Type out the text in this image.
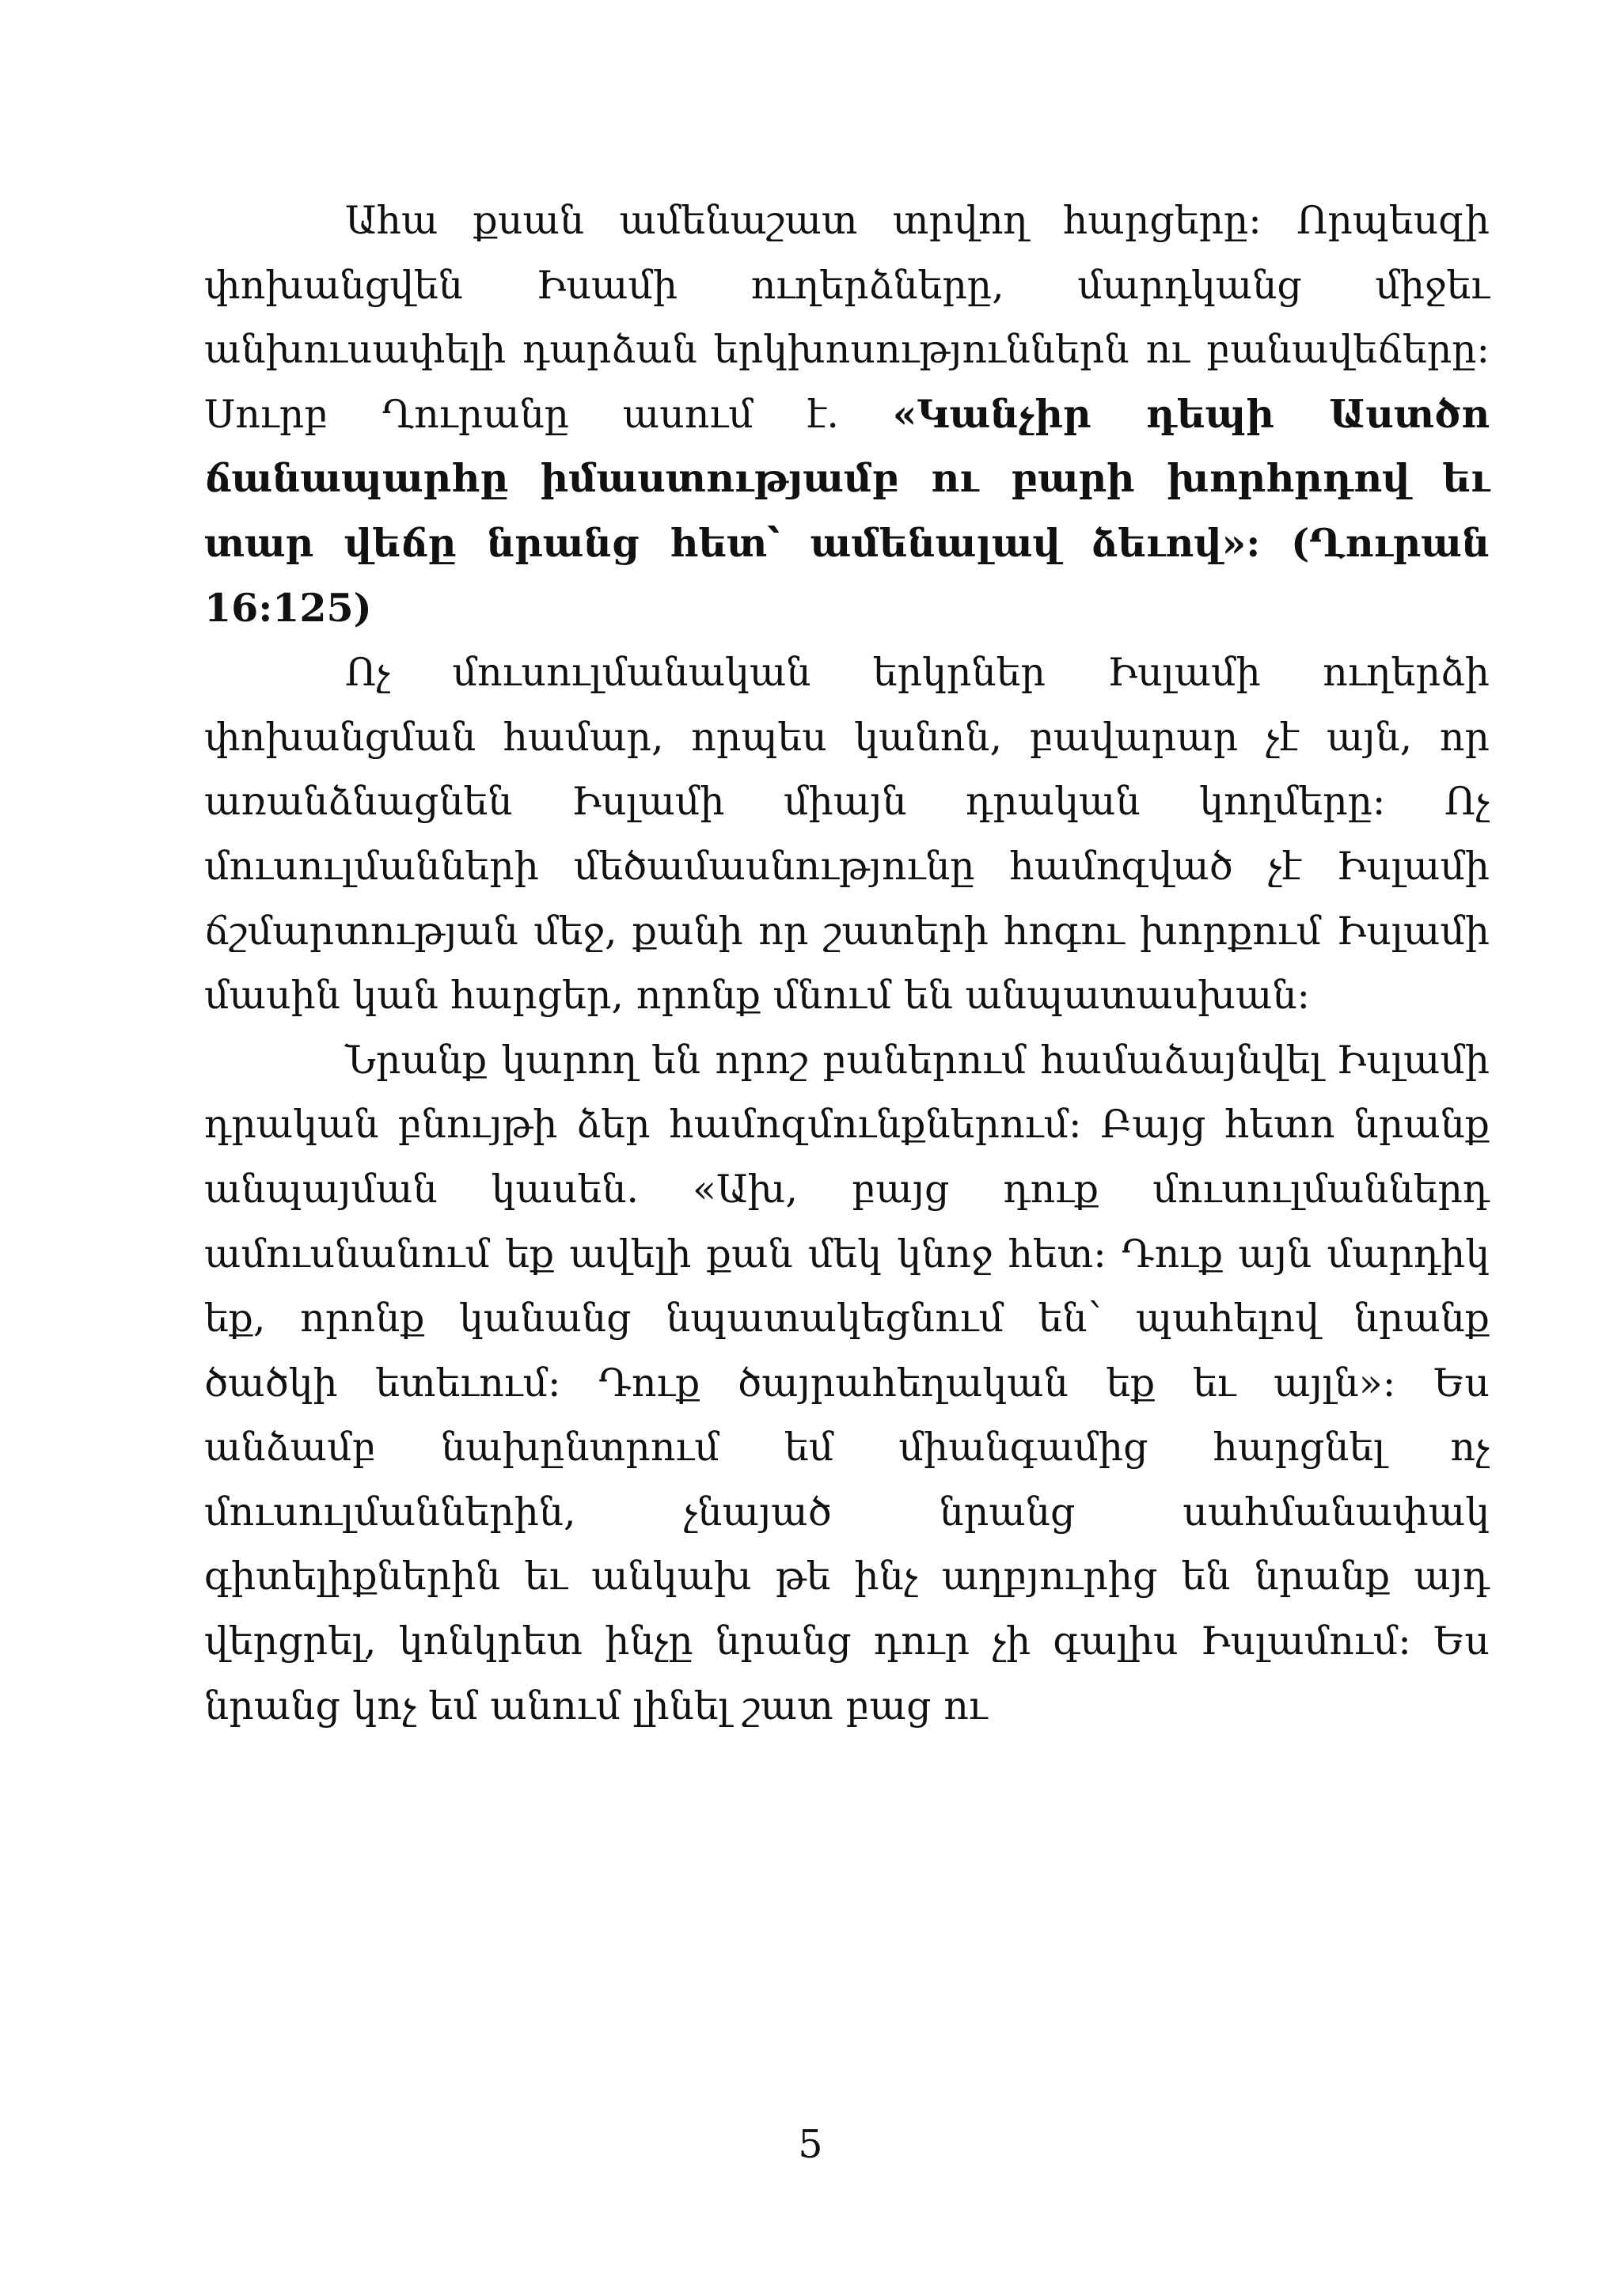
Ահա քսան ամենաշատ տրվող հարցերը: Որպեսզի փոխանցվեն Իսամի ուղերձները, մարդկանց միջեւ անխուսափելի դարձան երկխոսություններն ու բանավեճերը: Սուրբ Ղուրանը ասում է. «Կանչիր դեպի Աստծո ճանապարհը իմաստությամբ ու բարի խորհրդով եւ տար վեճը նրանց հետ՝ ամենալավ ձեւով»: (Ղուրան 16:125)

Ոչ մուսուլմանական երկրներ Իսլամի ուղերձի փոխանցման համար, որպես կանոն, բավարար չէ այն, որ առանձնացնեն Իսլամի միայն դրական կողմերը: Ոչ մուսուլմանների մեծամասնությունը համոզված չէ Իսլամի ճշմարտության մեջ, քանի որ շատերի հոգու խորքում Իսլամի մասին կան հարցեր, որոնք մնում են անպատասխան:

Նրանք կարող են որոշ բաներում համաձայնվել Իսլամի դրական բնույթի ձեր համոզմունքներում: Բայց հետո նրանք անպայման կասեն. «Ախ, բայց դուք մուսուլմաններդ ամուսնանում եք ավելի քան մեկ կնոջ հետ: Դուք այն մարդիկ եք, որոնք կանանց նպատակեցնում են՝ պահելով նրանք ծածկի ետեւում: Դուք ծայրահեղական եք եւ այլն»: Ես անձամբ նախընտրում եմ միանգամից հարցնել ոչ մուսուլմաններին, չնայած նրանց սահմանափակ գիտելիքներին եւ անկախ թե ինչ աղբյուրից են նրանք այդ վերցրել, կոնկրետ ինչը նրանց դուր չի գալիս Իսլամում: Ես նրանց կոչ եմ անում լինել շատ բաց ու

5
